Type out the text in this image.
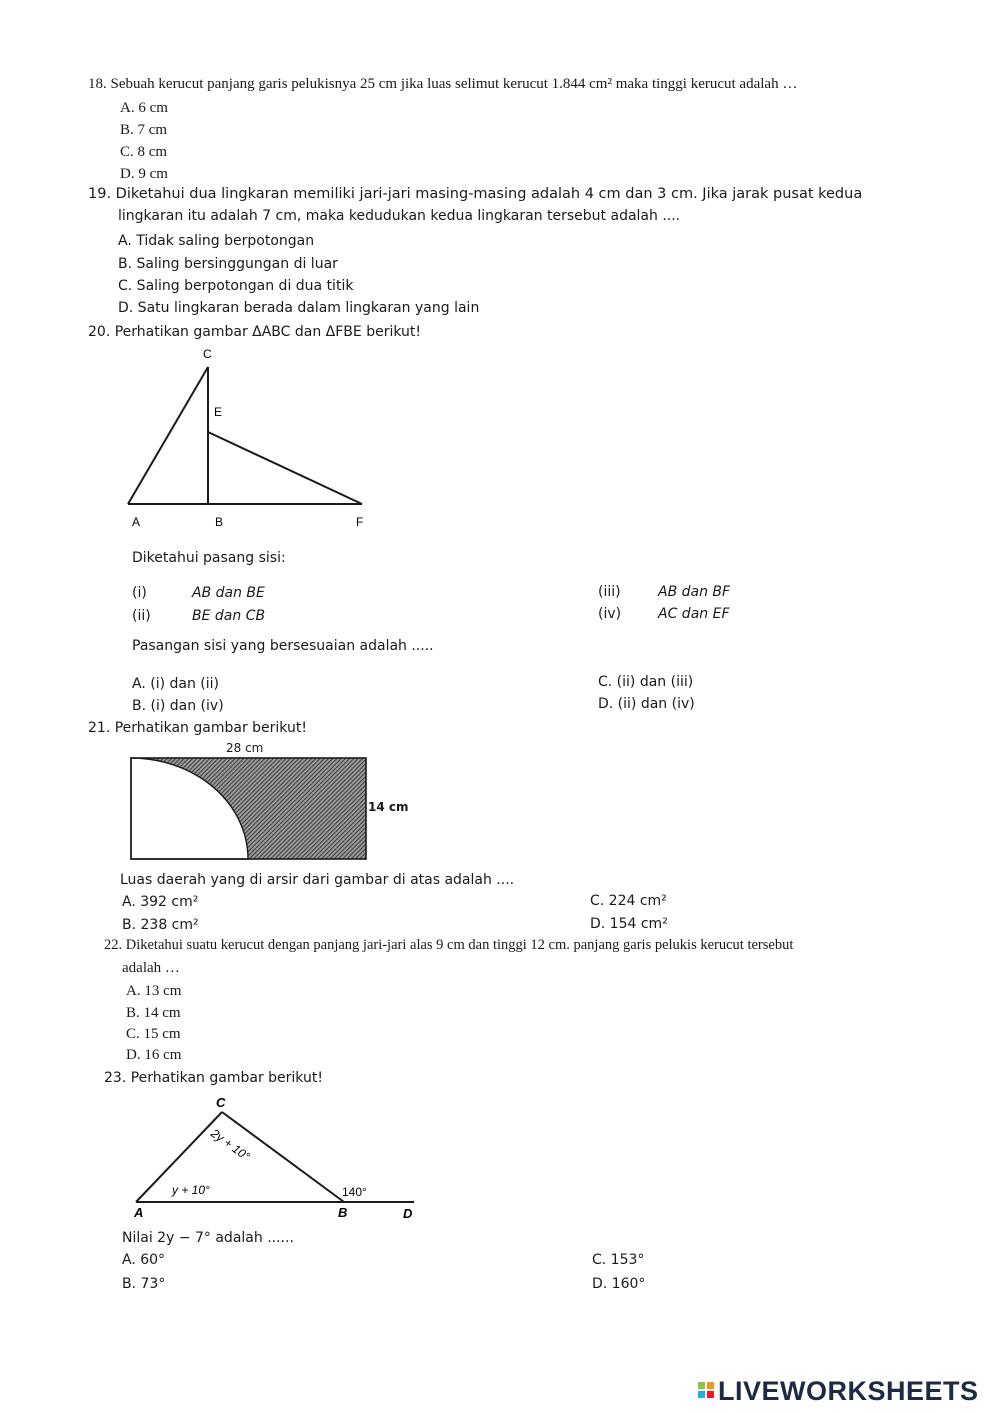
18. Sebuah kerucut panjang garis pelukisnya 25 cm jika luas selimut kerucut 1.844 cm² maka tinggi kerucut adalah …
A. 6 cm
B. 7 cm
C. 8 cm
D. 9 cm
19. Diketahui dua lingkaran memiliki jari-jari masing-masing adalah 4 cm dan 3 cm. Jika jarak pusat kedua
lingkaran itu adalah 7 cm, maka kedudukan kedua lingkaran tersebut adalah ....
A. Tidak saling berpotongan
B. Saling bersinggungan di luar
C. Saling berpotongan di dua titik
D. Satu lingkaran berada dalam lingkaran yang lain
20. Perhatikan gambar ΔABC dan ΔFBE berikut!
C
E
A	B	F
Diketahui pasang sisi:
(i)	AB dan BE
(ii)	BE dan CB
(iii)	AB dan BF
(iv)	AC dan EF
Pasangan sisi yang bersesuaian adalah .....
A. (i) dan (ii)
B. (i) dan (iv)
C. (ii) dan (iii)
D. (ii) dan (iv)
21. Perhatikan gambar berikut!
28 cm
14 cm
Luas daerah yang di arsir dari gambar di atas adalah ....
A. 392 cm²
B. 238 cm²
C. 224 cm²
D. 154 cm²
22. Diketahui suatu kerucut dengan panjang jari-jari alas 9 cm dan tinggi 12 cm. panjang garis pelukis kerucut tersebut
adalah …
A. 13 cm
B. 14 cm
C. 15 cm
D. 16 cm
23. Perhatikan gambar berikut!
C
A	B	D
2y + 10°
y + 10°	140°
Nilai 2y − 7° adalah ......
A. 60°
B. 73°
C. 153°
D. 160°
LIVEWORKSHEETS
